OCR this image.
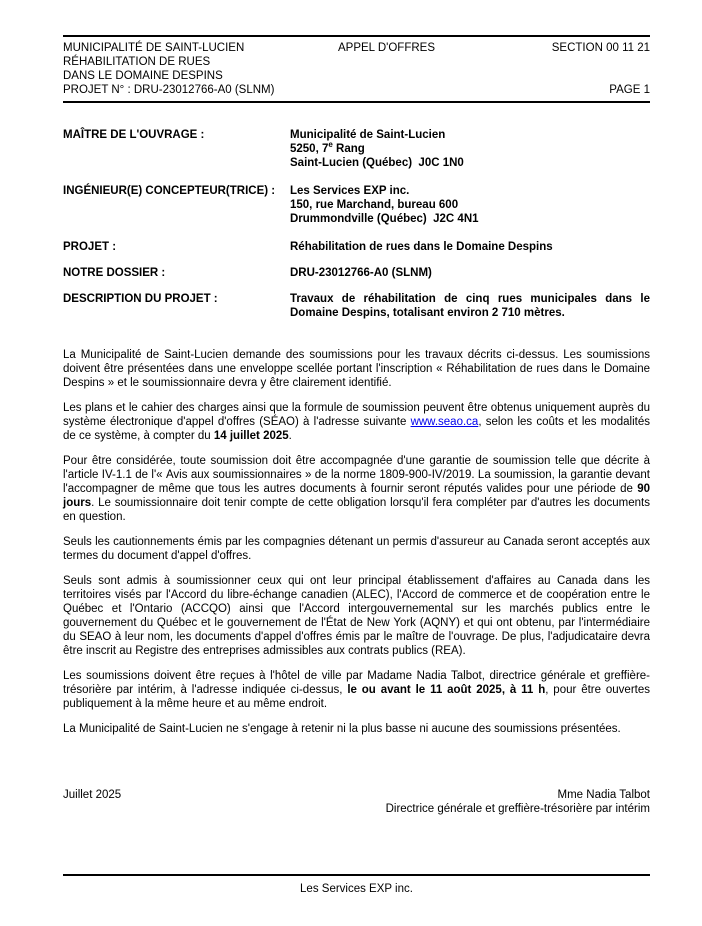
MUNICIPALITÉ DE SAINT-LUCIEN	APPEL D'OFFRES	SECTION 00 11 21
RÉHABILITATION DE RUES
DANS LE DOMAINE DESPINS
PROJET N° : DRU-23012766-A0 (SLNM)	PAGE 1
MAÎTRE DE L'OUVRAGE :	Municipalité de Saint-Lucien
5250, 7e Rang
Saint-Lucien (Québec)  J0C 1N0
INGÉNIEUR(E) CONCEPTEUR(TRICE) :	Les Services EXP inc.
150, rue Marchand, bureau 600
Drummondville (Québec)  J2C 4N1
PROJET :	Réhabilitation de rues dans le Domaine Despins
NOTRE DOSSIER :	DRU-23012766-A0 (SLNM)
DESCRIPTION DU PROJET :	Travaux de réhabilitation de cinq rues municipales dans le Domaine Despins, totalisant environ 2 710 mètres.
La Municipalité de Saint-Lucien demande des soumissions pour les travaux décrits ci-dessus. Les soumissions doivent être présentées dans une enveloppe scellée portant l'inscription « Réhabilitation de rues dans le Domaine Despins » et le soumissionnaire devra y être clairement identifié.
Les plans et le cahier des charges ainsi que la formule de soumission peuvent être obtenus uniquement auprès du système électronique d'appel d'offres (SÉAO) à l'adresse suivante www.seao.ca, selon les coûts et les modalités de ce système, à compter du 14 juillet 2025.
Pour être considérée, toute soumission doit être accompagnée d'une garantie de soumission telle que décrite à l'article IV-1.1 de l'« Avis aux soumissionnaires » de la norme 1809-900-IV/2019. La soumission, la garantie devant l'accompagner de même que tous les autres documents à fournir seront réputés valides pour une période de 90 jours. Le soumissionnaire doit tenir compte de cette obligation lorsqu'il fera compléter par d'autres les documents en question.
Seuls les cautionnements émis par les compagnies détenant un permis d'assureur au Canada seront acceptés aux termes du document d'appel d'offres.
Seuls sont admis à soumissionner ceux qui ont leur principal établissement d'affaires au Canada dans les territoires visés par l'Accord du libre-échange canadien (ALEC), l'Accord de commerce et de coopération entre le Québec et l'Ontario (ACCQO) ainsi que l'Accord intergouvernemental sur les marchés publics entre le gouvernement du Québec et le gouvernement de l'État de New York (AQNY) et qui ont obtenu, par l'intermédiaire du SEAO à leur nom, les documents d'appel d'offres émis par le maître de l'ouvrage. De plus, l'adjudicataire devra être inscrit au Registre des entreprises admissibles aux contrats publics (REA).
Les soumissions doivent être reçues à l'hôtel de ville par Madame Nadia Talbot, directrice générale et greffière-trésorière par intérim, à l'adresse indiquée ci-dessus, le ou avant le 11 août 2025, à 11 h, pour être ouvertes publiquement à la même heure et au même endroit.
La Municipalité de Saint-Lucien ne s'engage à retenir ni la plus basse ni aucune des soumissions présentées.
Juillet 2025	Mme Nadia Talbot
Directrice générale et greffière-trésorière par intérim
Les Services EXP inc.
